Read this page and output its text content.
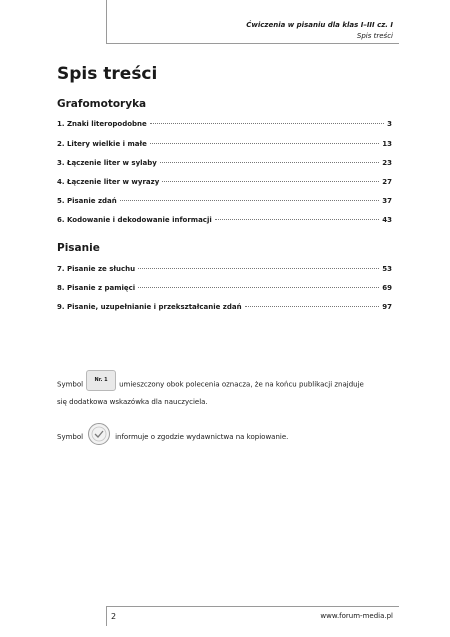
Ćwiczenia w pisaniu dla klas I–III cz. I
Spis treści
Spis treści
Grafomotoryka
1. Znaki literopodobne	3
2. Litery wielkie i małe	13
3. Łączenie liter w sylaby	23
4. Łączenie liter w wyrazy	27
5. Pisanie zdań	37
6. Kodowanie i dekodowanie informacji	43
Pisanie
7. Pisanie ze słuchu	53
8. Pisanie z pamięci	69
9. Pisanie, uzupełnianie i przekształcanie zdań	97
SymbolNr. 1umieszczony obok polecenia oznacza, że na końcu publikacji znajduje
się dodatkowa wskazówka dla nauczyciela.
Symbol	informuje o zgodzie wydawnictwa na kopiowanie.
2	www.forum-media.pl
